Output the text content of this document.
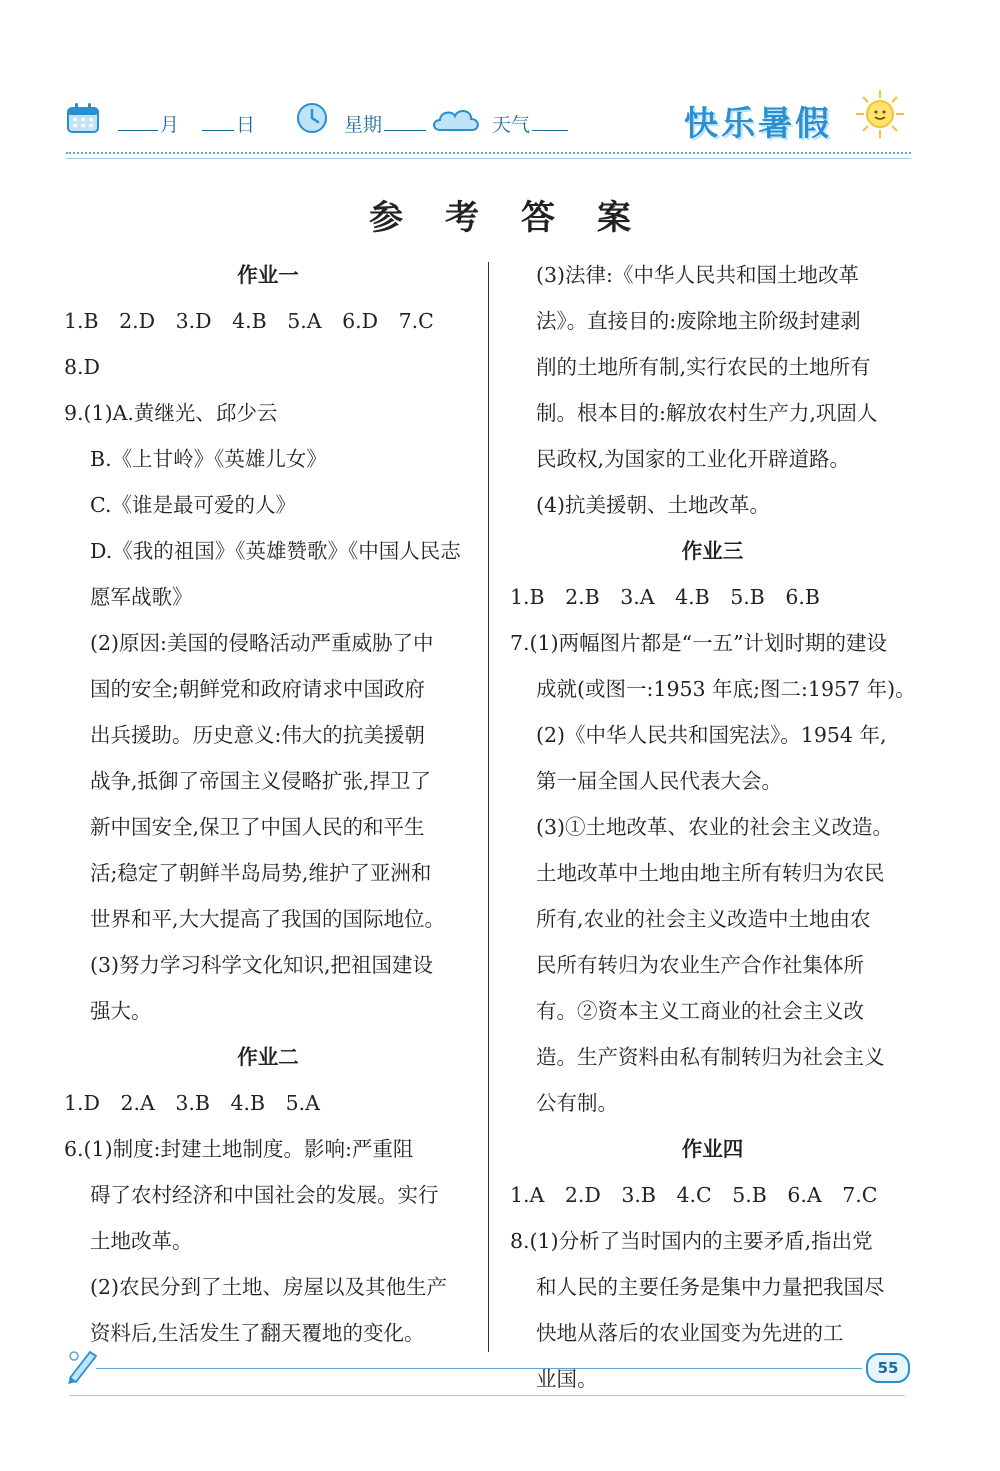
月	日	星期	天气	快乐暑假
参考答案
作业一
1.B　2.D　3.D　4.B　5.A　6.D　7.C
8.D
9.(1)A.黄继光、邱少云
B.《上甘岭》《英雄儿女》
C.《谁是最可爱的人》
D.《我的祖国》《英雄赞歌》《中国人民志
愿军战歌》
(2)原因:美国的侵略活动严重威胁了中
国的安全;朝鲜党和政府请求中国政府
出兵援助。历史意义:伟大的抗美援朝
战争,抵御了帝国主义侵略扩张,捍卫了
新中国安全,保卫了中国人民的和平生
活;稳定了朝鲜半岛局势,维护了亚洲和
世界和平,大大提高了我国的国际地位。
(3)努力学习科学文化知识,把祖国建设
强大。
作业二
1.D　2.A　3.B　4.B　5.A
6.(1)制度:封建土地制度。影响:严重阻
碍了农村经济和中国社会的发展。实行
土地改革。
(2)农民分到了土地、房屋以及其他生产
资料后,生活发生了翻天覆地的变化。
(3)法律:《中华人民共和国土地改革
法》。直接目的:废除地主阶级封建剥
削的土地所有制,实行农民的土地所有
制。根本目的:解放农村生产力,巩固人
民政权,为国家的工业化开辟道路。
(4)抗美援朝、土地改革。
作业三
1.B　2.B　3.A　4.B　5.B　6.B
7.(1)两幅图片都是“一五”计划时期的建设
成就(或图一:1953 年底;图二:1957 年)。
(2)《中华人民共和国宪法》。1954 年,
第一届全国人民代表大会。
(3)①土地改革、农业的社会主义改造。
土地改革中土地由地主所有转归为农民
所有,农业的社会主义改造中土地由农
民所有转归为农业生产合作社集体所
有。②资本主义工商业的社会主义改
造。生产资料由私有制转归为社会主义
公有制。
作业四
1.A　2.D　3.B　4.C　5.B　6.A　7.C
8.(1)分析了当时国内的主要矛盾,指出党
和人民的主要任务是集中力量把我国尽
快地从落后的农业国变为先进的工
业国。	55
